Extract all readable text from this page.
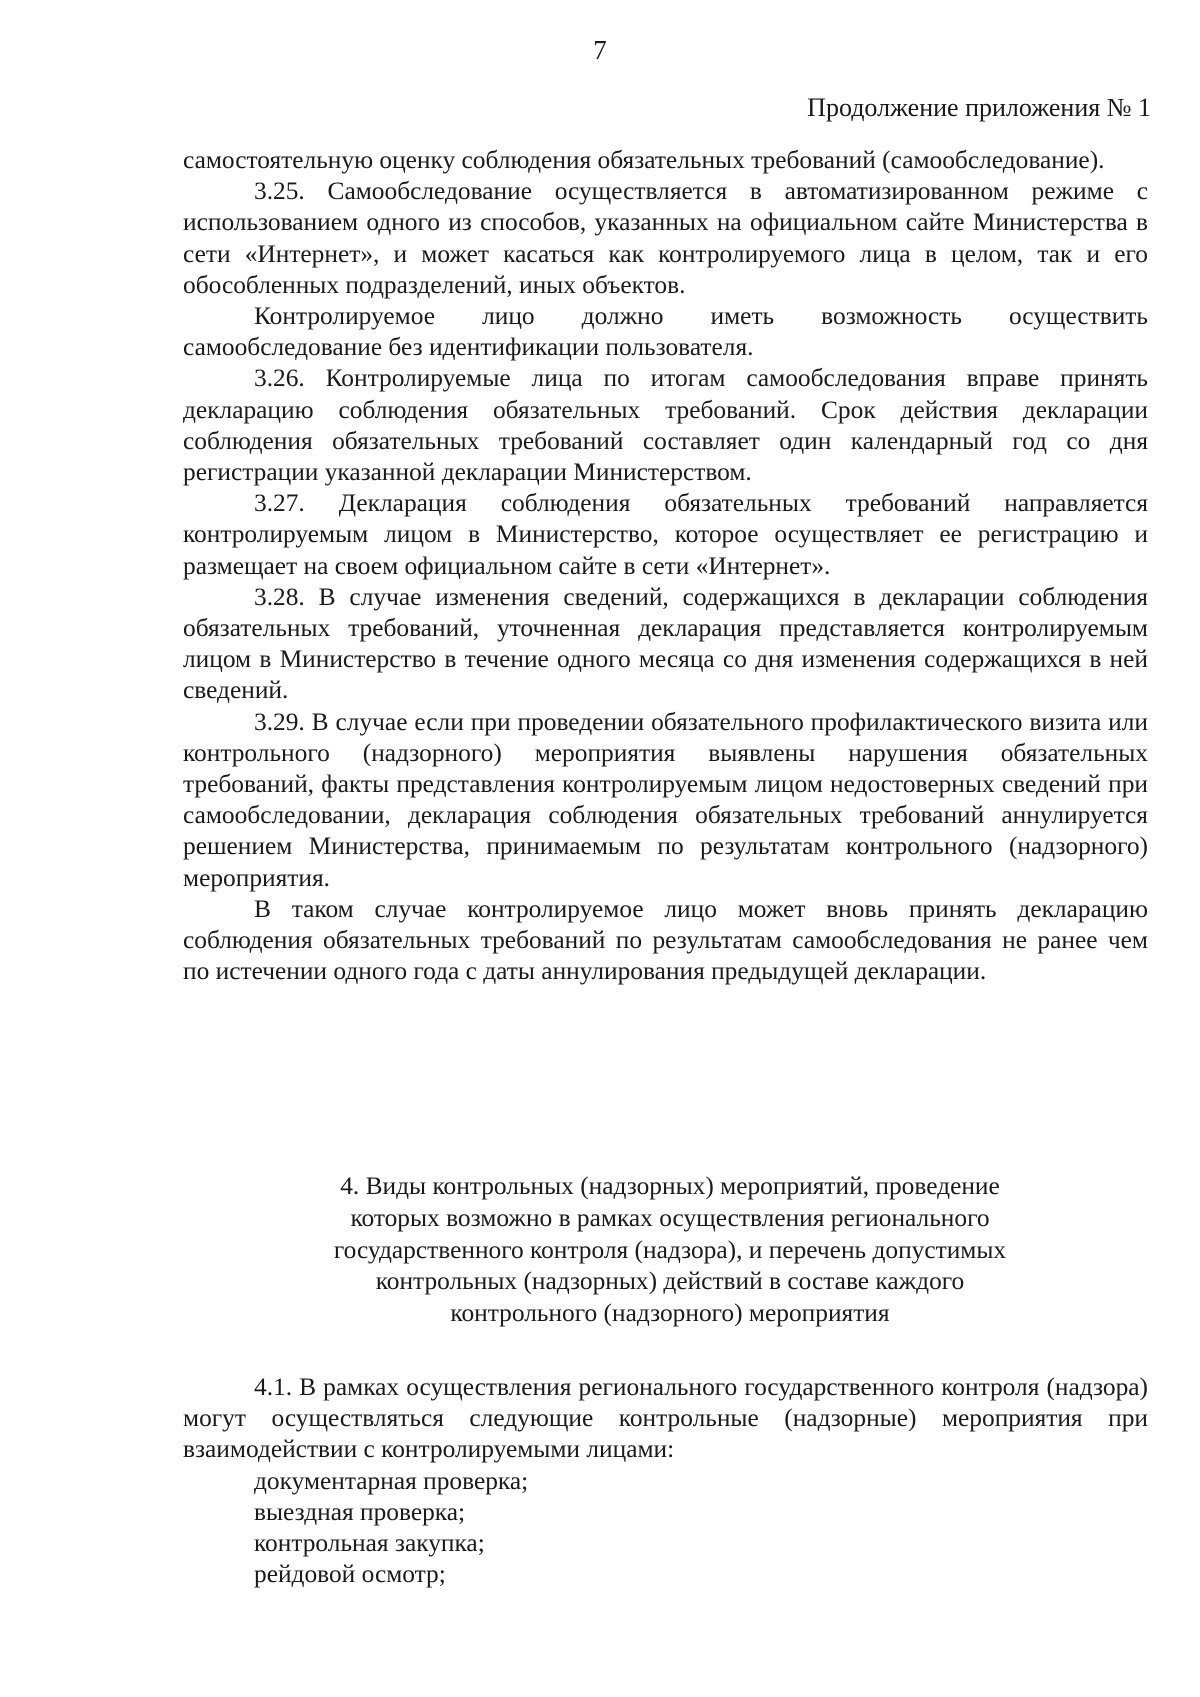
7
Продолжение приложения № 1

самостоятельную оценку соблюдения обязательных требований (самообследование).

3.25. Самообследование осуществляется в автоматизированном режиме с использованием одного из способов, указанных на официальном сайте Министерства в сети «Интернет», и может касаться как контролируемого лица в целом, так и его обособленных подразделений, иных объектов.

Контролируемое лицо должно иметь возможность осуществить самообследование без идентификации пользователя.

3.26. Контролируемые лица по итогам самообследования вправе принять декларацию соблюдения обязательных требований. Срок действия декларации соблюдения обязательных требований составляет один календарный год со дня регистрации указанной декларации Министерством.

3.27. Декларация соблюдения обязательных требований направляется контролируемым лицом в Министерство, которое осуществляет ее регистрацию и размещает на своем официальном сайте в сети «Интернет».

3.28. В случае изменения сведений, содержащихся в декларации соблюдения обязательных требований, уточненная декларация представляется контролируемым лицом в Министерство в течение одного месяца со дня изменения содержащихся в ней сведений.

3.29. В случае если при проведении обязательного профилактического визита или контрольного (надзорного) мероприятия выявлены нарушения обязательных требований, факты представления контролируемым лицом недостоверных сведений при самообследовании, декларация соблюдения обязательных требований аннулируется решением Министерства, принимаемым по результатам контрольного (надзорного) мероприятия.

В таком случае контролируемое лицо может вновь принять декларацию соблюдения обязательных требований по результатам самообследования не ранее чем по истечении одного года с даты аннулирования предыдущей декларации.

4. Виды контрольных (надзорных) мероприятий, проведение

которых возможно в рамках осуществления регионального

государственного контроля (надзора), и перечень допустимых

контрольных (надзорных) действий в составе каждого

контрольного (надзорного) мероприятия

4.1. В рамках осуществления регионального государственного контроля (надзора) могут осуществляться следующие контрольные (надзорные) мероприятия при взаимодействии с контролируемыми лицами:

документарная проверка;

выездная проверка;

контрольная закупка;

рейдовой осмотр;
